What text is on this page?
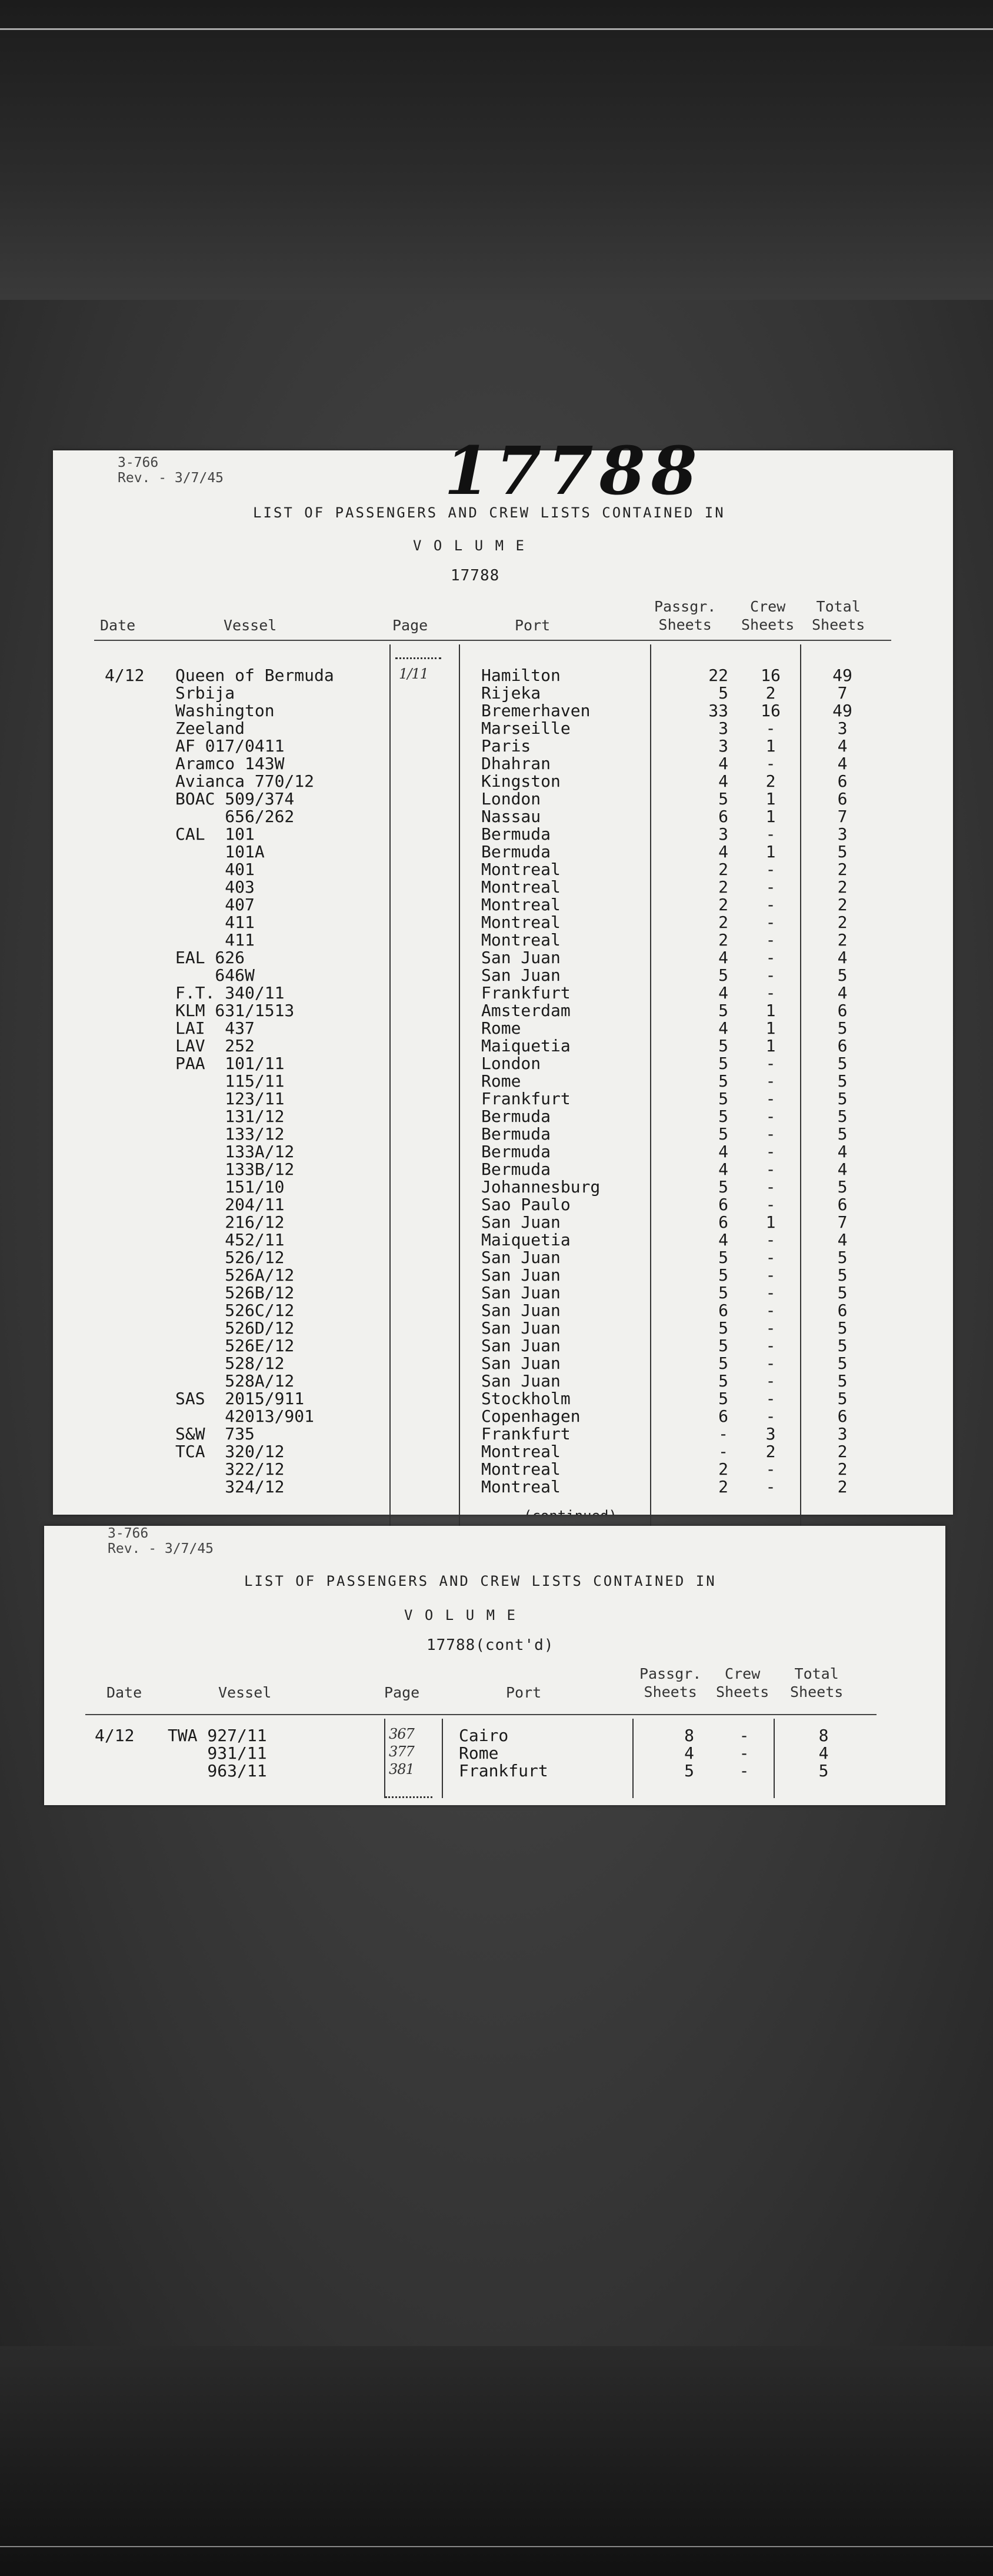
3-766
Rev. - 3/7/45	17788
LIST OF PASSENGERS AND CREW LISTS CONTAINED IN
V O L U M E
17788
Date	Vessel	Page	Port
Passgr.
Sheets
Crew
Sheets
Total
Sheets
4/12 Queen of Bermuda	1/11	Hamilton	22	16	49
Srbija	Rijeka	5	2	7
Washington	Bremerhaven	33	16	49
Zeeland	Marseille	3	-	3
AF 017/0411	Paris	3	1	4
Aramco 143W	Dhahran	4	-	4
Avianca 770/12	Kingston	4	2	6
BOAC 509/374	London	5	1	6
656/262	Nassau	6	1	7
CAL  101	Bermuda	3	-	3
101A	Bermuda	4	1	5
401	Montreal	2	-	2
403	Montreal	2	-	2
407	Montreal	2	-	2
411	Montreal	2	-	2
411	Montreal	2	-	2
EAL 626	San Juan	4	-	4
646W	San Juan	5	-	5
F.T. 340/11	Frankfurt	4	-	4
KLM 631/1513	Amsterdam	5	1	6
LAI  437	Rome	4	1	5
LAV  252	Maiquetia	5	1	6
PAA  101/11	London	5	-	5
115/11	Rome	5	-	5
123/11	Frankfurt	5	-	5
131/12	Bermuda	5	-	5
133/12	Bermuda	5	-	5
133A/12	Bermuda	4	-	4
133B/12	Bermuda	4	-	4
151/10	Johannesburg	5	-	5
204/11	Sao Paulo	6	-	6
216/12	San Juan	6	1	7
452/11	Maiquetia	4	-	4
526/12	San Juan	5	-	5
526A/12	San Juan	5	-	5
526B/12	San Juan	5	-	5
526C/12	San Juan	6	-	6
526D/12	San Juan	5	-	5
526E/12	San Juan	5	-	5
528/12	San Juan	5	-	5
528A/12	San Juan	5	-	5
SAS  2015/911	Stockholm	5	-	5
42013/901	Copenhagen	6	-	6
S&W  735	Frankfurt	-	3	3
TCA  320/12	Montreal	-	2	2
322/12	Montreal	2	-	2
324/12	Montreal	2	-	2
3-766
Rev. - 3/7/45
LIST OF PASSENGERS AND CREW LISTS CONTAINED IN
V O L U M E
17788(cont'd)
Date	Vessel	Page	Port
Passgr.
Sheets
Crew
Sheets
Total
Sheets
4/12 TWA 927/11	367	Cairo	8	-	8
931/11	377	Rome	4	-	4
963/11	381	Frankfurt	5	-	5
